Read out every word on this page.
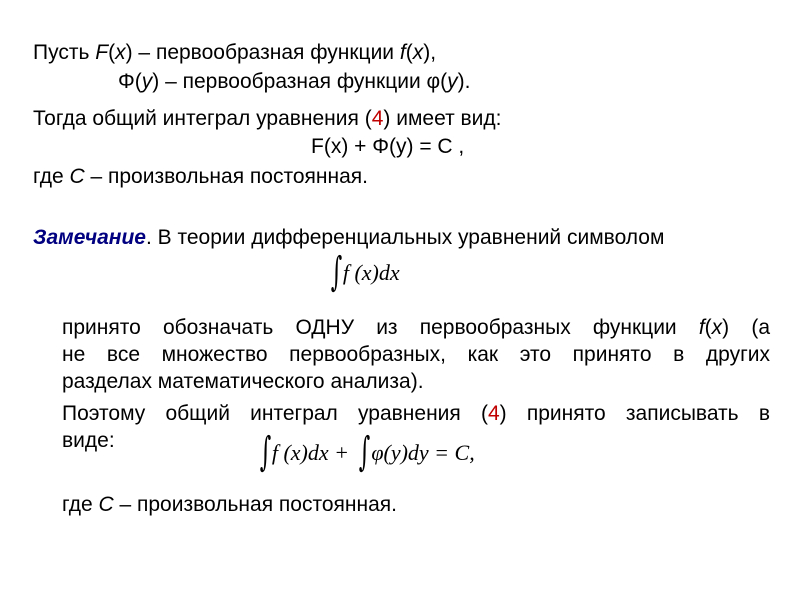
Пусть F(x) – первообразная функции f(x),
Φ(y) – первообразная функции φ(y).
Тогда общий интеграл уравнения (4) имеет вид:
F(x) + Φ(y) = C ,
где C – произвольная постоянная.
Замечание. В теории дифференциальных уравнений символом
∫f (x)dx
принято обозначать ОДНУ из первообразных функции f(x) (а
не все множество первообразных, как это принято в других
разделах математического анализа).
Поэтому общий интеграл уравнения (4) принято записывать в
виде:	∫f (x)dx + ∫φ(y)dy = C,
где C – произвольная постоянная.
